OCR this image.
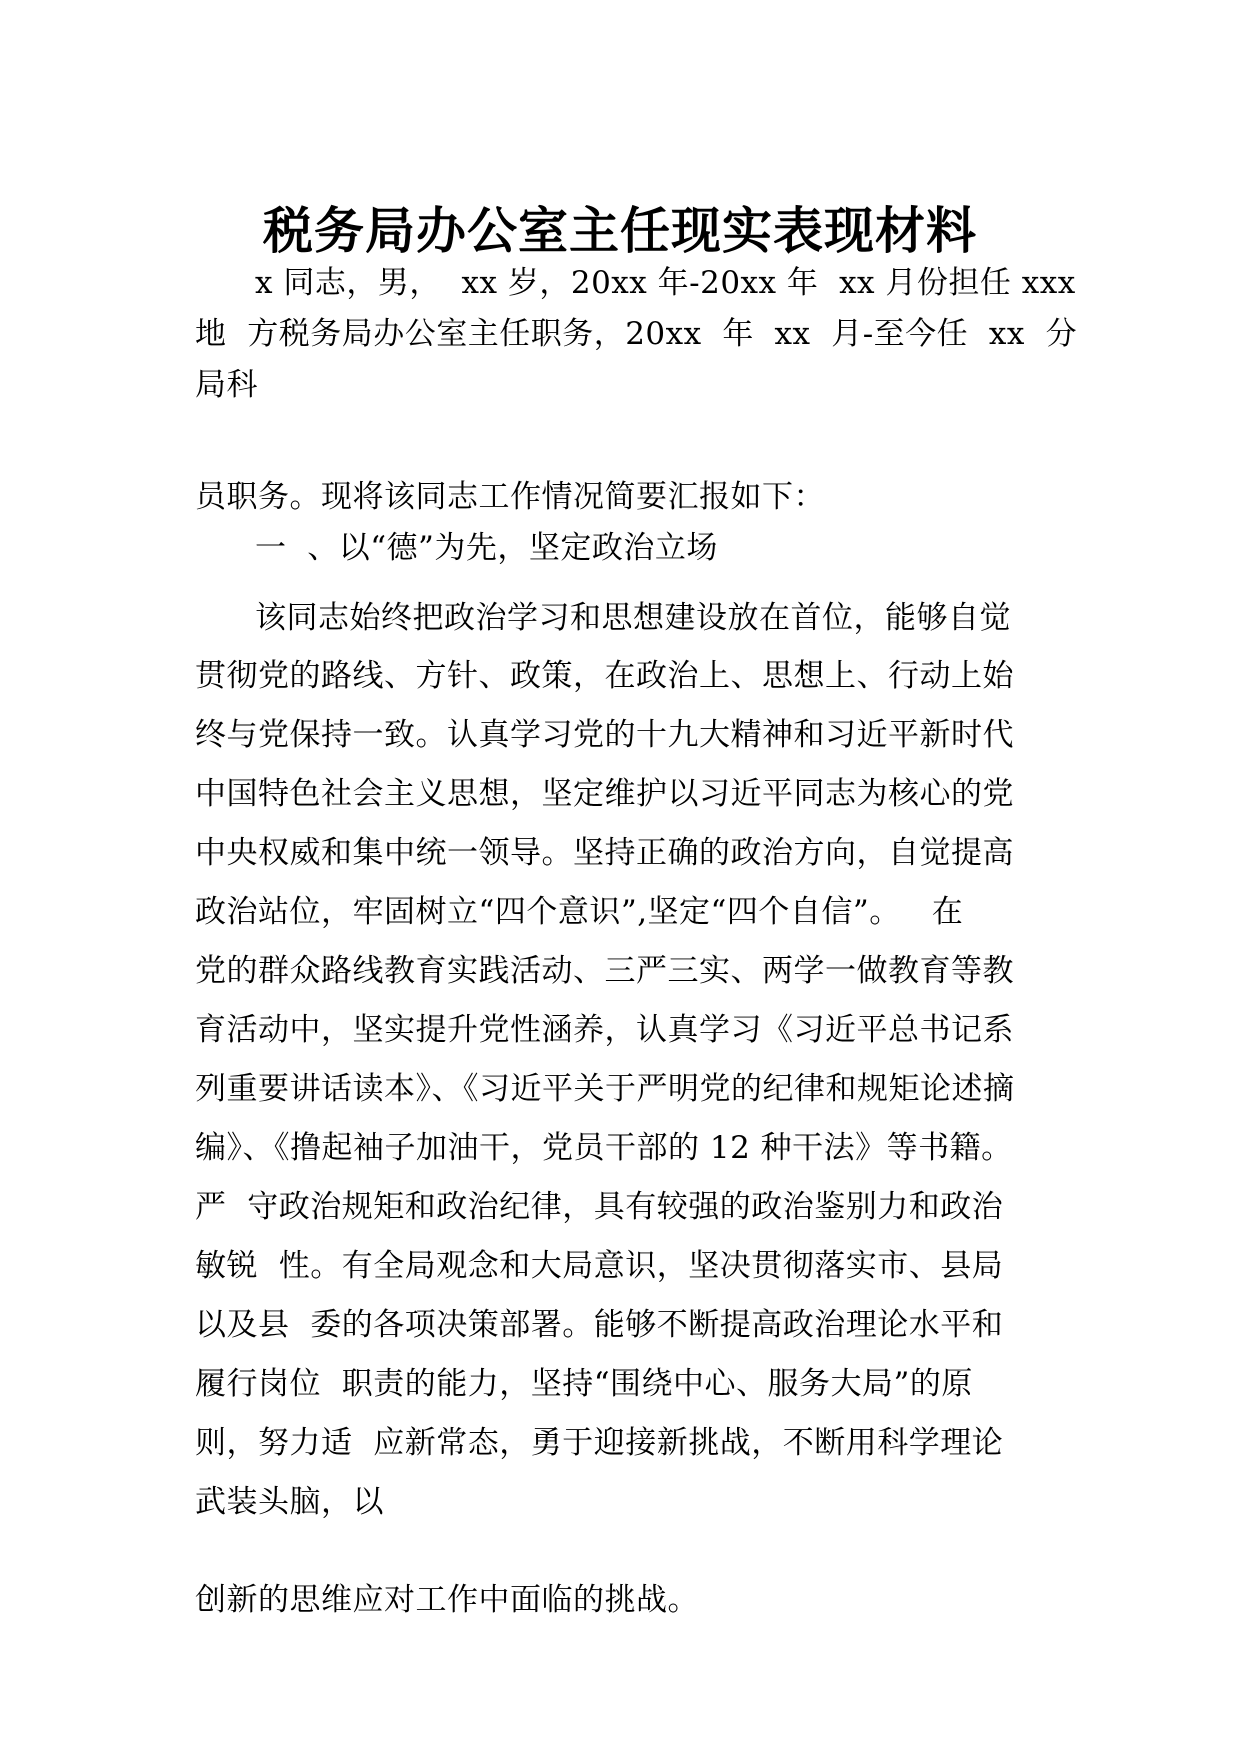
税务局办公室主任现实表现材料
x 同志，男，  xx 岁，20xx 年-20xx 年  xx 月份担任 xxx
地  方税务局办公室主任职务，20xx  年  xx  月-至今任  xx  分
局科
员职务。现将该同志工作情况简要汇报如下：
一  、以“德”为先，坚定政治立场
该同志始终把政治学习和思想建设放在首位，能够自觉
贯彻党的路线、方针、政策，在政治上、思想上、行动上始
终与党保持一致。认真学习党的十九大精神和习近平新时代
中国特色社会主义思想，坚定维护以习近平同志为核心的党
中央权威和集中统一领导。坚持正确的政治方向，自觉提高
政治站位，牢固树立“四个意识”,坚定“四个自信”。   在
党的群众路线教育实践活动、三严三实、两学一做教育等教
育活动中，坚实提升党性涵养，认真学习《习近平总书记系
列重要讲话读本》、《习近平关于严明党的纪律和规矩论述摘
编》、《撸起袖子加油干，党员干部的 12 种干法》等书籍。
严  守政治规矩和政治纪律，具有较强的政治鉴别力和政治
敏锐  性。有全局观念和大局意识，坚决贯彻落实市、县局
以及县  委的各项决策部署。能够不断提高政治理论水平和
履行岗位  职责的能力，坚持“围绕中心、服务大局”的原
则，努力适  应新常态，勇于迎接新挑战，不断用科学理论
武装头脑，以
创新的思维应对工作中面临的挑战。
